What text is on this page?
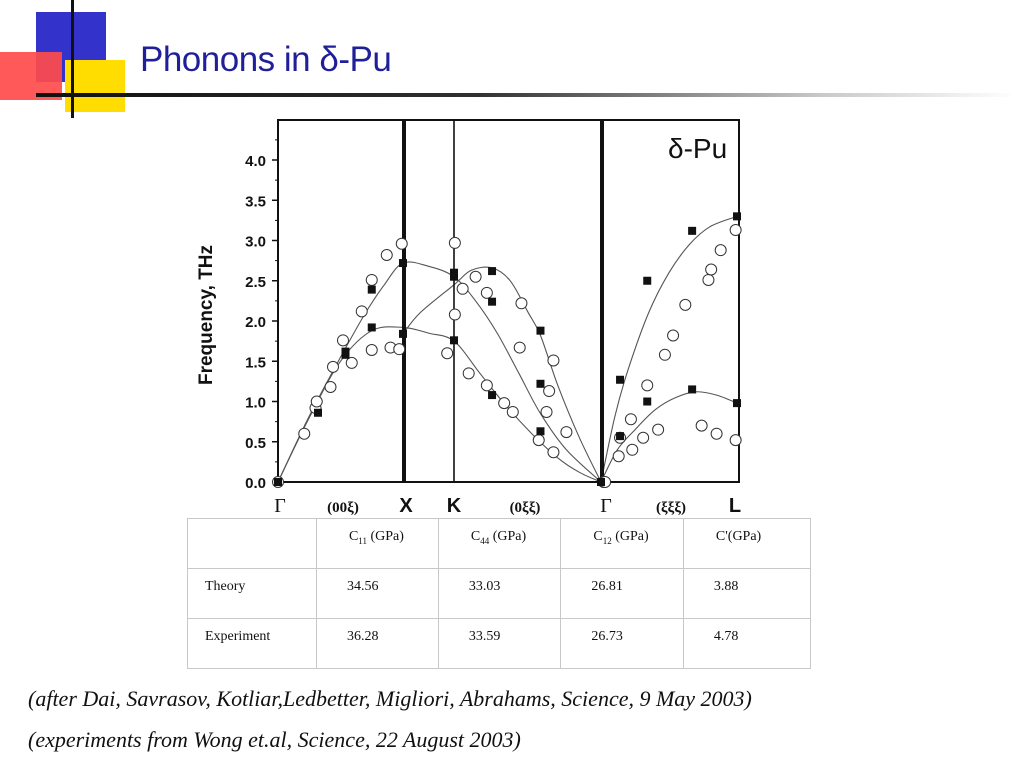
Phonons in δ-Pu
0.0
0.5
1.0
1.5
2.0
2.5
3.0
3.5
4.0
Frequency, THz
δ-Pu
Γ	(00ξ) X K	(0ξξ)	Γ	(ξξξ) L
	$C_{11}$ (GPa)	$C_{44}$ (GPa)	$C_{12}$ (GPa)	C'(GPa)
Theory	34.56	33.03	26.81	3.88
Experiment	36.28	33.59	26.73	4.78

(after Dai, Savrasov, Kotliar,Ledbetter, Migliori, Abrahams, Science, 9 May 2003)

(experiments from Wong et.al, Science, 22 August 2003)
